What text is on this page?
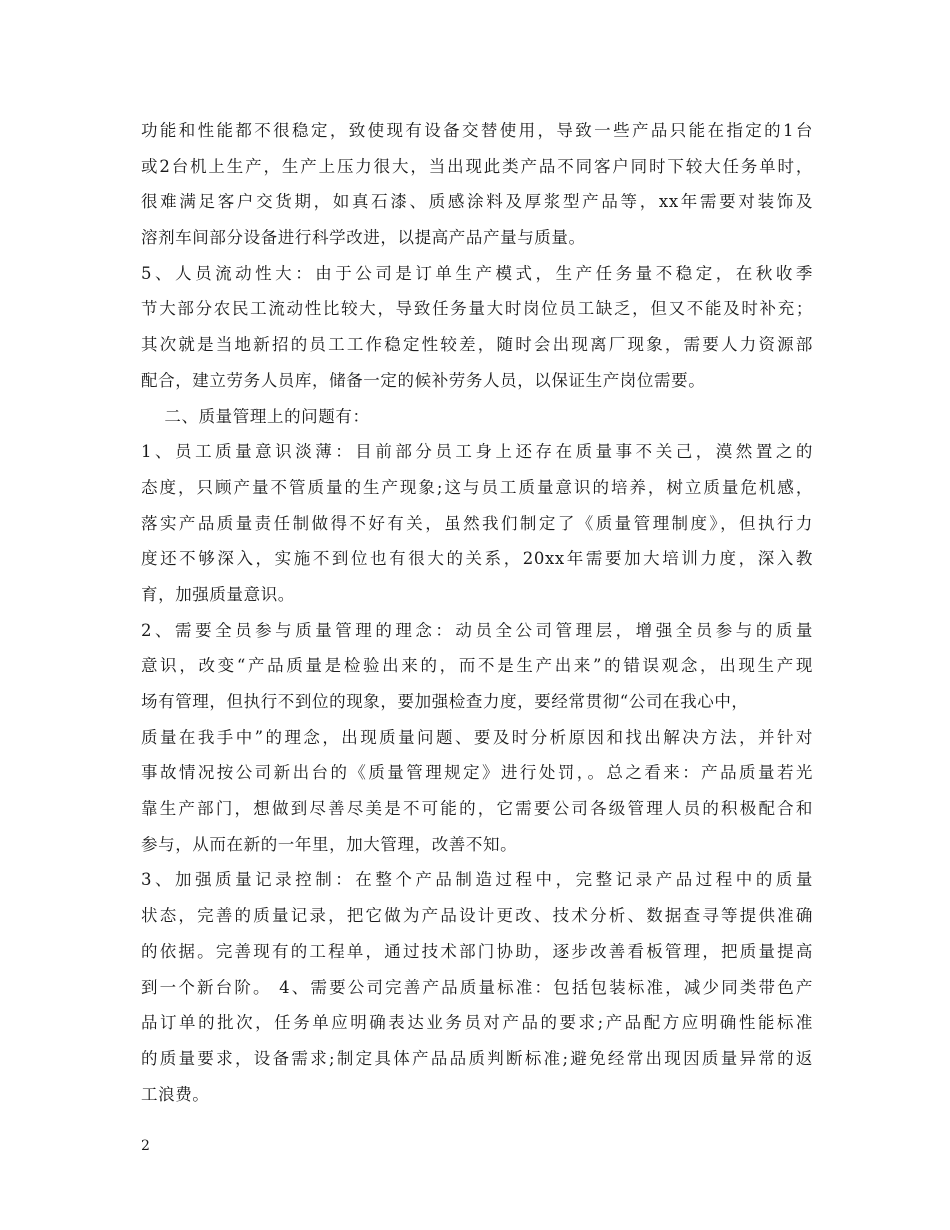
功能和性能都不很稳定，致使现有设备交替使用，导致一些产品只能在指定的1台
或2台机上生产，生产上压力很大，当出现此类产品不同客户同时下较大任务单时，
很难满足客户交货期，如真石漆、质感涂料及厚浆型产品等，xx年需要对装饰及
溶剂车间部分设备进行科学改进，以提高产品产量与质量。
5、人员流动性大：由于公司是订单生产模式，生产任务量不稳定，在秋收季
节大部分农民工流动性比较大，导致任务量大时岗位员工缺乏，但又不能及时补充；
其次就是当地新招的员工工作稳定性较差，随时会出现离厂现象，需要人力资源部
配合，建立劳务人员库，储备一定的候补劳务人员，以保证生产岗位需要。
二、质量管理上的问题有：
1、员工质量意识淡薄：目前部分员工身上还存在质量事不关己，漠然置之的
态度，只顾产量不管质量的生产现象;这与员工质量意识的培养，树立质量危机感，
落实产品质量责任制做得不好有关，虽然我们制定了《质量管理制度》，但执行力
度还不够深入，实施不到位也有很大的关系，20xx年需要加大培训力度，深入教
育，加强质量意识。
2、需要全员参与质量管理的理念：动员全公司管理层，增强全员参与的质量
意识，改变“产品质量是检验出来的，而不是生产出来”的错误观念，出现生产现
场有管理，但执行不到位的现象，要加强检查力度，要经常贯彻“公司在我心中，
质量在我手中”的理念，出现质量问题、要及时分析原因和找出解决方法，并针对
事故情况按公司新出台的《质量管理规定》进行处罚，。总之看来：产品质量若光
靠生产部门，想做到尽善尽美是不可能的，它需要公司各级管理人员的积极配合和
参与，从而在新的一年里，加大管理，改善不知。
3、加强质量记录控制：在整个产品制造过程中，完整记录产品过程中的质量
状态，完善的质量记录，把它做为产品设计更改、技术分析、数据查寻等提供准确
的依据。完善现有的工程单，通过技术部门协助，逐步改善看板管理，把质量提高
到一个新台阶。 4、需要公司完善产品质量标准：包括包装标准，减少同类带色产
品订单的批次，任务单应明确表达业务员对产品的要求;产品配方应明确性能标准
的质量要求，设备需求;制定具体产品品质判断标准;避免经常出现因质量异常的返
工浪费。
2
